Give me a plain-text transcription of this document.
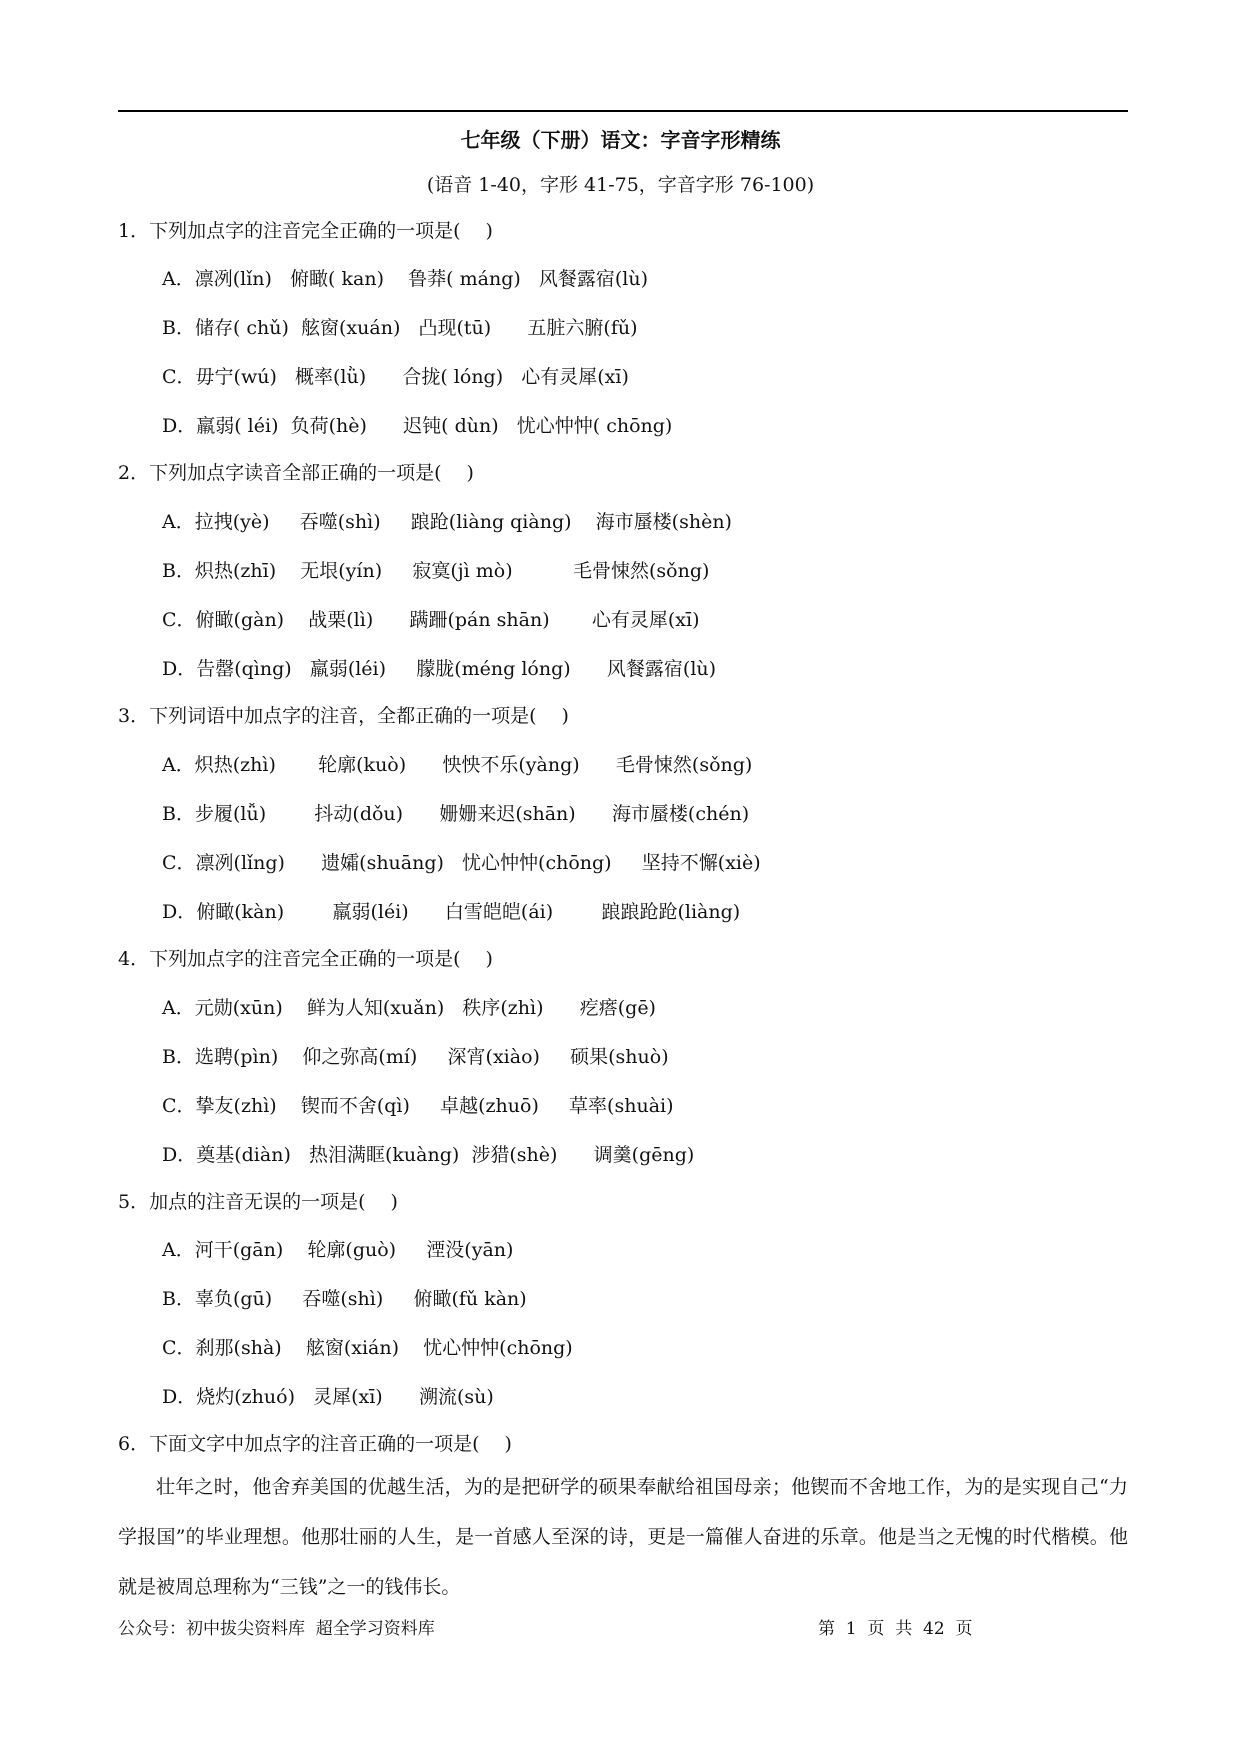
七年级（下册）语文：字音字形精练
(语音 1-40，字形 41-75，字音字形 76-100)
1．下列加点字的注音完全正确的一项是(　 )
A．凛冽(lǐn)   俯瞰( kan)    鲁莽( máng)   风餐露宿(lù)
B．储存( chǔ)  舷窗(xuán)   凸现(tū)      五脏六腑(fǔ)
C．毋宁(wú)   概率(lǜ)      合拢( lóng)   心有灵犀(xī)
D．羸弱( léi)  负荷(hè)      迟钝( dùn)   忧心忡忡( chōng)
2．下列加点字读音全部正确的一项是(　 )
A．拉拽(yè)     吞噬(shì)     踉跄(liàng qiàng)    海市蜃楼(shèn)
B．炽热(zhī)    无垠(yín)     寂寞(jì mò)          毛骨悚然(sǒng)
C．俯瞰(gàn)    战栗(lì)      蹒跚(pán shān)       心有灵犀(xī)
D．告罄(qìng)   羸弱(léi)     朦胧(méng lóng)      风餐露宿(lù)
3．下列词语中加点字的注音，全都正确的一项是(　 )
A．炽热(zhì)       轮廓(kuò)      怏怏不乐(yàng)      毛骨悚然(sǒng)
B．步履(lǚ)        抖动(dǒu)      姗姗来迟(shān)      海市蜃楼(chén)
C．凛冽(lǐng)      遗孀(shuāng)   忧心忡忡(chōng)     坚持不懈(xiè)
D．俯瞰(kàn)        羸弱(léi)      白雪皑皑(ái)        踉踉跄跄(liàng)
4．下列加点字的注音完全正确的一项是(　 )
A．元勋(xūn)    鲜为人知(xuǎn)   秩序(zhì)      疙瘩(gē)
B．选聘(pìn)    仰之弥高(mí)     深宵(xiào)     硕果(shuò)
C．挚友(zhì)    锲而不舍(qì)     卓越(zhuō)     草率(shuài)
D．奠基(diàn)   热泪满眶(kuàng)  涉猎(shè)      调羹(gēng)
5．加点的注音无误的一项是(　 )
A．河干(gān)    轮廓(guò)     湮没(yān)
B．辜负(gū)     吞噬(shì)     俯瞰(fǔ kàn)
C．刹那(shà)    舷窗(xián)    忧心忡忡(chōng)
D．烧灼(zhuó)   灵犀(xī)      溯流(sù)
6．下面文字中加点字的注音正确的一项是(　 )

壮年之时，他舍弃美国的优越生活，为的是把研学的硕果奉献给祖国母亲；他锲而不舍地工作，为的是实现自己“力学报国”的毕业理想。他那壮丽的人生，是一首感人至深的诗，更是一篇催人奋进的乐章。他是当之无愧的时代楷模。他就是被周总理称为“三钱”之一的钱伟长。

公众号：初中拔尖资料库  超全学习资料库	第  1  页  共  42  页
